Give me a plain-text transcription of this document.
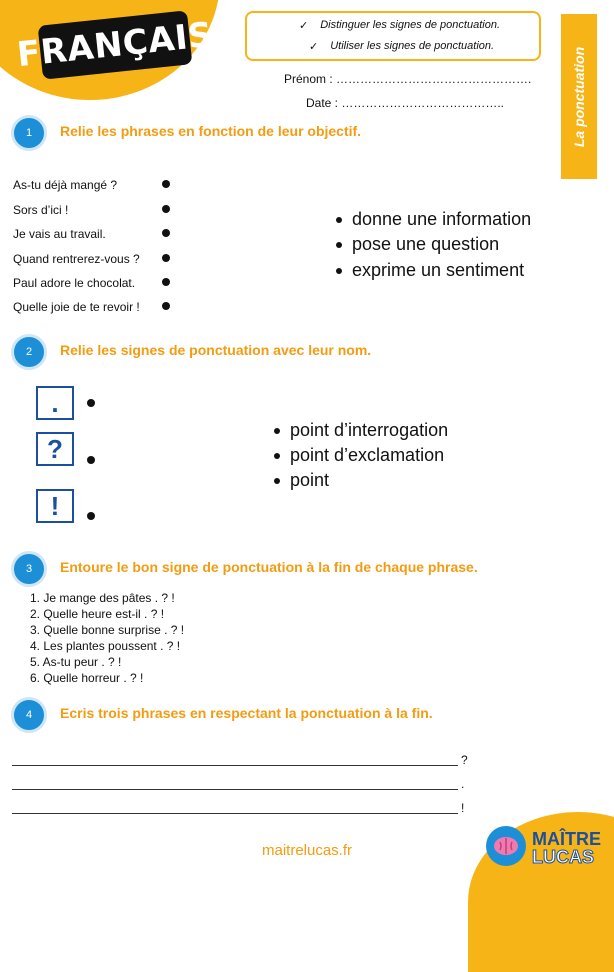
FRANÇAIS	✓ Distinguer les signes de ponctuation.
✓ Utiliser les signes de ponctuation.
La ponctuation
Prénom : ………………………………………….
Date : …………………………………..
1	Relie les phrases en fonction de leur objectif.
As-tu déjà mangé ?
Sors d’ici !
Je vais au travail.
Quand rentrerez-vous ?
Paul adore le chocolat.
Quelle joie de te revoir !
donne une information
pose une question
exprime un sentiment
2	Relie les signes de ponctuation avec leur nom.
.
?
!
point d’interrogation
point d’exclamation
point
3	Entoure le bon signe de ponctuation à la fin de chaque phrase.
1. Je mange des pâtes . ? !
2. Quelle heure est-il . ? !
3. Quelle bonne surprise . ? !
4. Les plantes poussent . ? !
5. As-tu peur . ? !
6. Quelle horreur . ? !
4	Ecris trois phrases en respectant la ponctuation à la fin.
?
.
!
maitrelucas.fr
MAÎTRE
LUCAS
